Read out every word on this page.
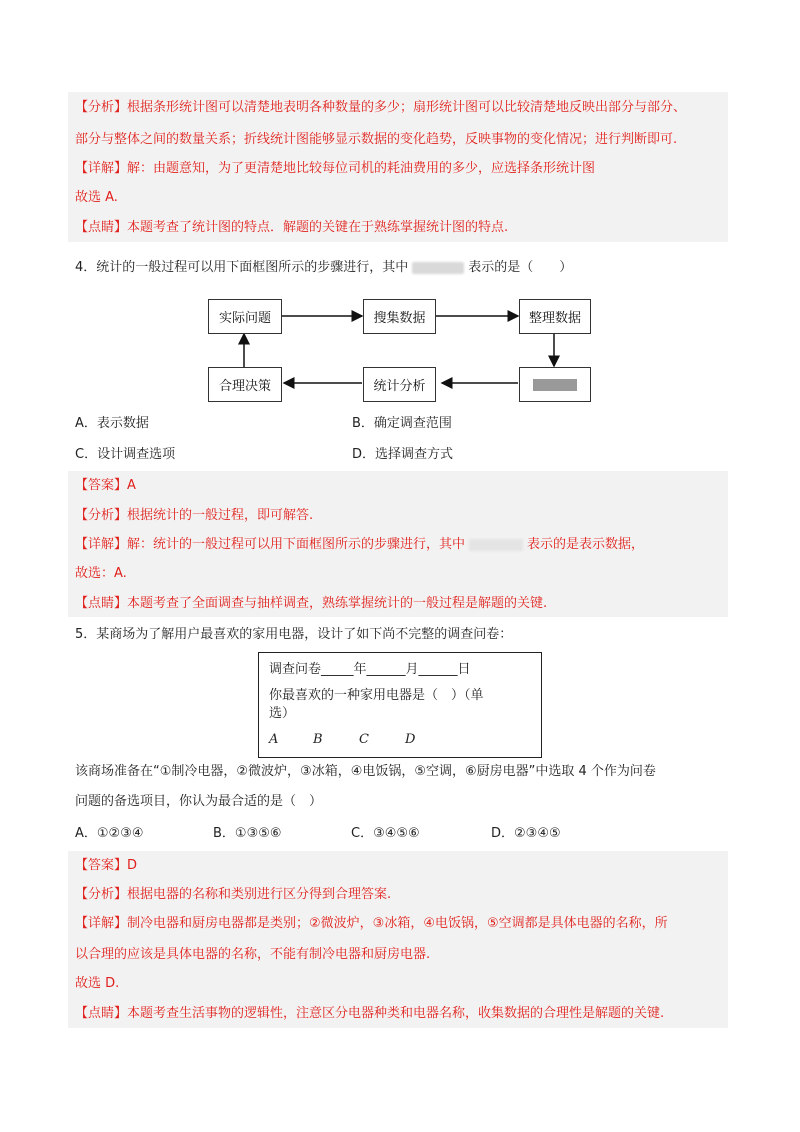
【分析】根据条形统计图可以清楚地表明各种数量的多少；扇形统计图可以比较清楚地反映出部分与部分、
部分与整体之间的数量关系；折线统计图能够显示数据的变化趋势，反映事物的变化情况；进行判断即可.
【详解】解：由题意知，为了更清楚地比较每位司机的耗油费用的多少，应选择条形统计图
故选 A.
【点睛】本题考查了统计图的特点．解题的关键在于熟练掌握统计图的特点.
4．统计的一般过程可以用下面框图所示的步骤进行，其中	表示的是（　　）
实际问题	搜集数据	整理数据
统计分析
合理决策
A．表示数据	B．确定调查范围
C．设计调查选项	D．选择调查方式
【答案】A
【分析】根据统计的一般过程，即可解答.
【详解】解：统计的一般过程可以用下面框图所示的步骤进行，其中	表示的是表示数据，
故选：A.
【点睛】本题考查了全面调查与抽样调查，熟练掌握统计的一般过程是解题的关键.
5．某商场为了解用户最喜欢的家用电器，设计了如下尚不完整的调查问卷：
调查问卷_____年______月______日
你最喜欢的一种家用电器是（　）（单
选）
A	B	C	D
该商场准备在“①制冷电器，②微波炉，③冰箱，④电饭锅，⑤空调，⑥厨房电器”中选取 4 个作为问卷
问题的备选项目，你认为最合适的是（　）
A．①②③④	B．①③⑤⑥	C．③④⑤⑥	D．②③④⑤
【答案】D
【分析】根据电器的名称和类别进行区分得到合理答案.
【详解】制冷电器和厨房电器都是类别；②微波炉，③冰箱，④电饭锅，⑤空调都是具体电器的名称，所
以合理的应该是具体电器的名称，不能有制冷电器和厨房电器.
故选 D.
【点睛】本题考查生活事物的逻辑性，注意区分电器种类和电器名称，收集数据的合理性是解题的关键.
